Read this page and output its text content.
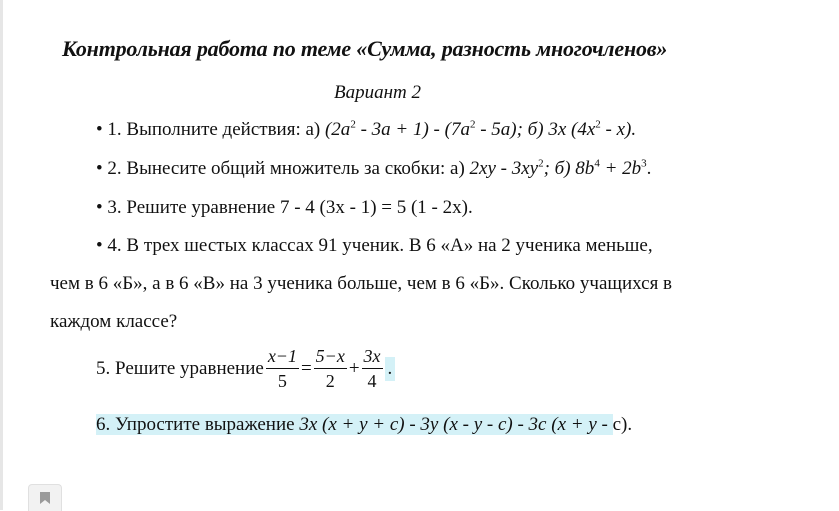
Контрольная работа по теме «Сумма, разность многочленов»
Вариант 2
• 1. Выполните действия: а) $(2a^2 - 3a + 1) - (7a^2 - 5a)$; б) 3x $(4x^2 - x)$.
• 2. Вынесите общий множитель за скобки: а) $2xy - 3xy^2$; б) $8b^4 + 2b^3$.
• 3. Решите уравнение 7 - 4 (3x - 1) = 5 (1 - 2x).
• 4. В трех шестых классах 91 ученик. В 6 «А» на 2 ученика меньше,
чем в 6 «Б», а в 6 «В» на 3 ученика больше, чем в 6 «Б». Сколько учащихся в
каждом классе?
5. Решите уравнение $\frac{x-1}{5} = \frac{5-x}{2} + \frac{3x}{4}$ .
6. Упростите выражение 3x (x + y + c) - 3y (x - y - c) - 3c (x + y - c).
